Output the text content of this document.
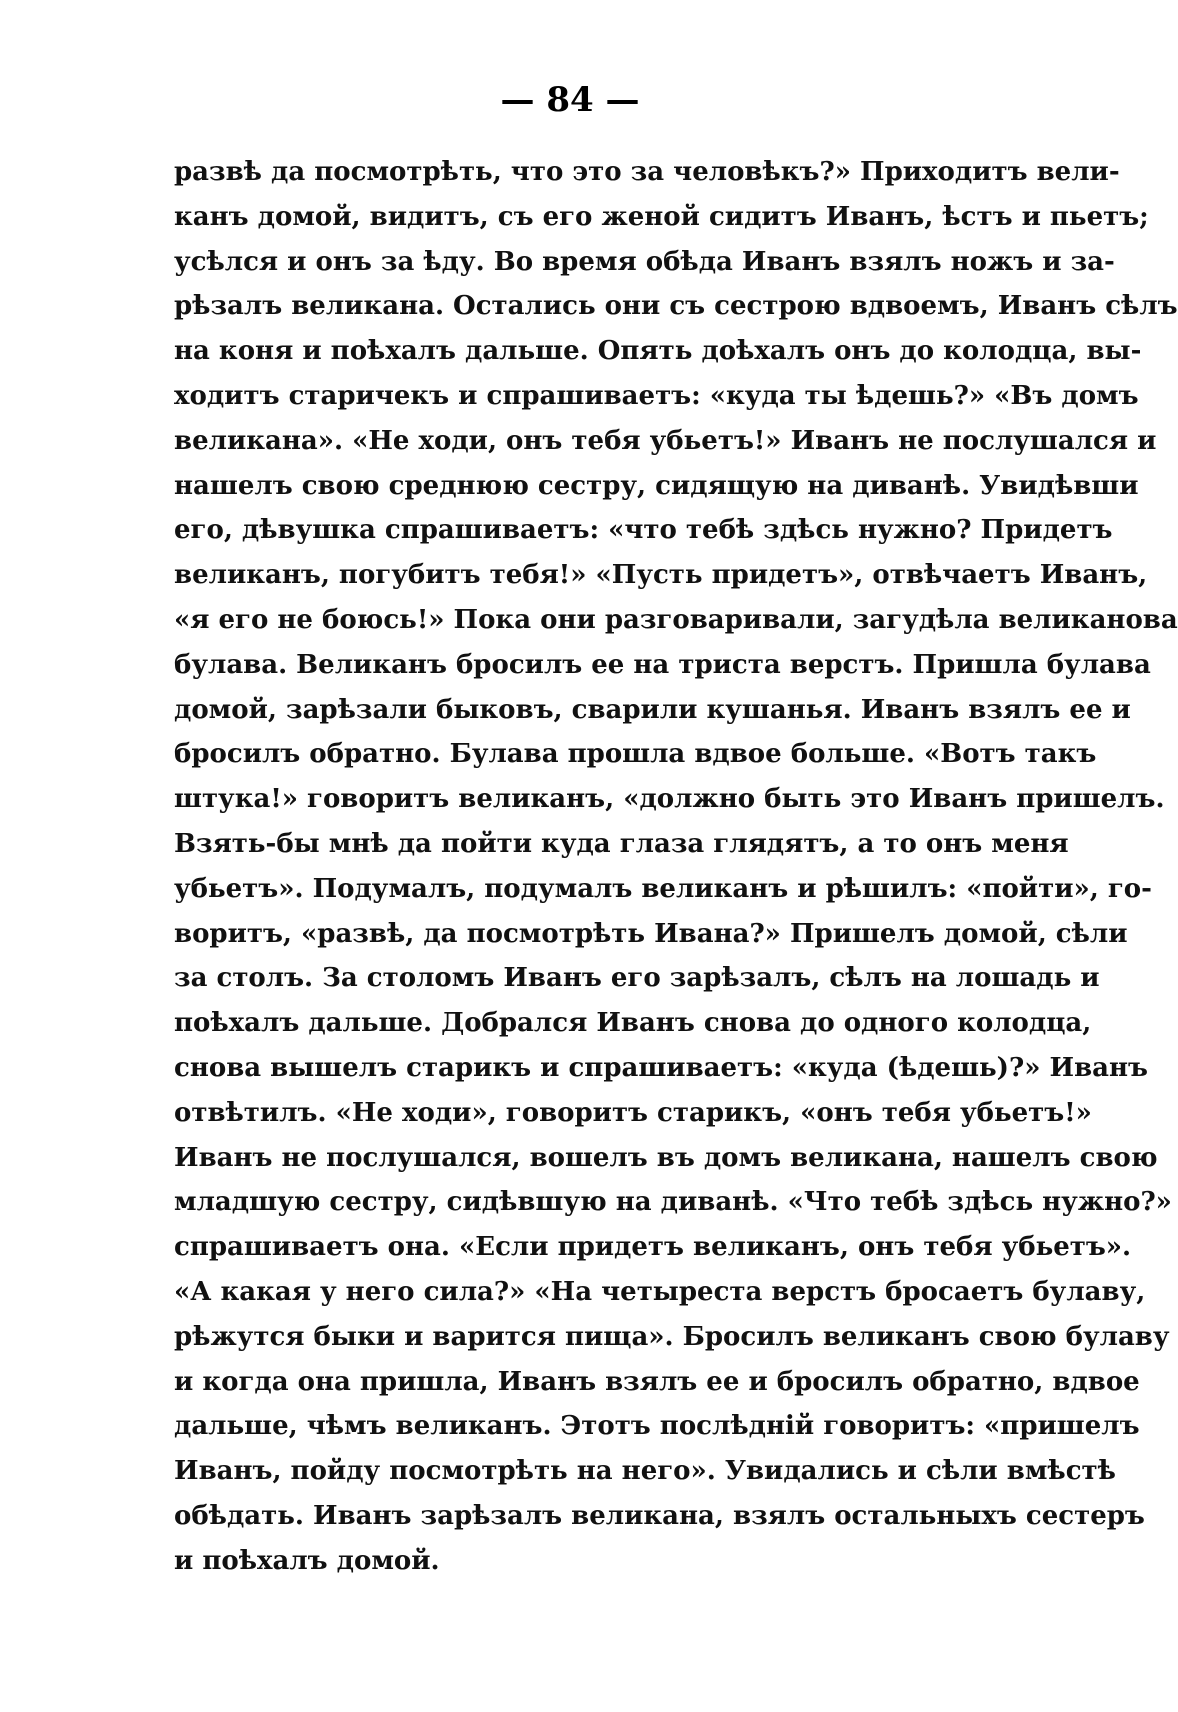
— 84 —
развѣ да посмотрѣть, что это за человѣкъ?» Приходитъ вели-
канъ домой, видитъ, съ его женой сидитъ Иванъ, ѣстъ и пьетъ;
усѣлся и онъ за ѣду. Во время обѣда Иванъ взялъ ножъ и за-
рѣзалъ великана. Остались они съ сестрою вдвоемъ, Иванъ сѣлъ
на коня и поѣхалъ дальше. Опять доѣхалъ онъ до колодца, вы-
ходитъ старичекъ и спрашиваетъ: «куда ты ѣдешь?» «Въ домъ
великана». «Не ходи, онъ тебя убьетъ!» Иванъ не послушался и
нашелъ свою среднюю сестру, сидящую на диванѣ. Увидѣвши
его, дѣвушка спрашиваетъ: «что тебѣ здѣсь нужно? Придетъ
великанъ, погубитъ тебя!» «Пусть придетъ», отвѣчаетъ Иванъ,
«я его не боюсь!» Пока они разговаривали, загудѣла великанова
булава. Великанъ бросилъ ее на триста верстъ. Пришла булава
домой, зарѣзали быковъ, сварили кушанья. Иванъ взялъ ее и
бросилъ обратно. Булава прошла вдвое больше. «Вотъ такъ
штука!» говоритъ великанъ, «должно быть это Иванъ пришелъ.
Взять-бы мнѣ да пойти куда глаза глядятъ, а то онъ меня
убьетъ». Подумалъ, подумалъ великанъ и рѣшилъ: «пойти», го-
воритъ, «развѣ, да посмотрѣть Ивана?» Пришелъ домой, сѣли
за столъ. За столомъ Иванъ его зарѣзалъ, сѣлъ на лошадь и
поѣхалъ дальше. Добрался Иванъ снова до одного колодца,
снова вышелъ старикъ и спрашиваетъ: «куда (ѣдешь)?» Иванъ
отвѣтилъ. «Не ходи», говоритъ старикъ, «онъ тебя убьетъ!»
Иванъ не послушался, вошелъ въ домъ великана, нашелъ свою
младшую сестру, сидѣвшую на диванѣ. «Что тебѣ здѣсь нужно?»
спрашиваетъ она. «Если придетъ великанъ, онъ тебя убьетъ».
«А какая у него сила?» «На четыреста верстъ бросаетъ булаву,
рѣжутся быки и варится пища». Бросилъ великанъ свою булаву
и когда она пришла, Иванъ взялъ ее и бросилъ обратно, вдвое
дальше, чѣмъ великанъ. Этотъ послѣдній говоритъ: «пришелъ
Иванъ, пойду посмотрѣть на него». Увидались и сѣли вмѣстѣ
обѣдать. Иванъ зарѣзалъ великана, взялъ остальныхъ сестеръ
и поѣхалъ домой.
